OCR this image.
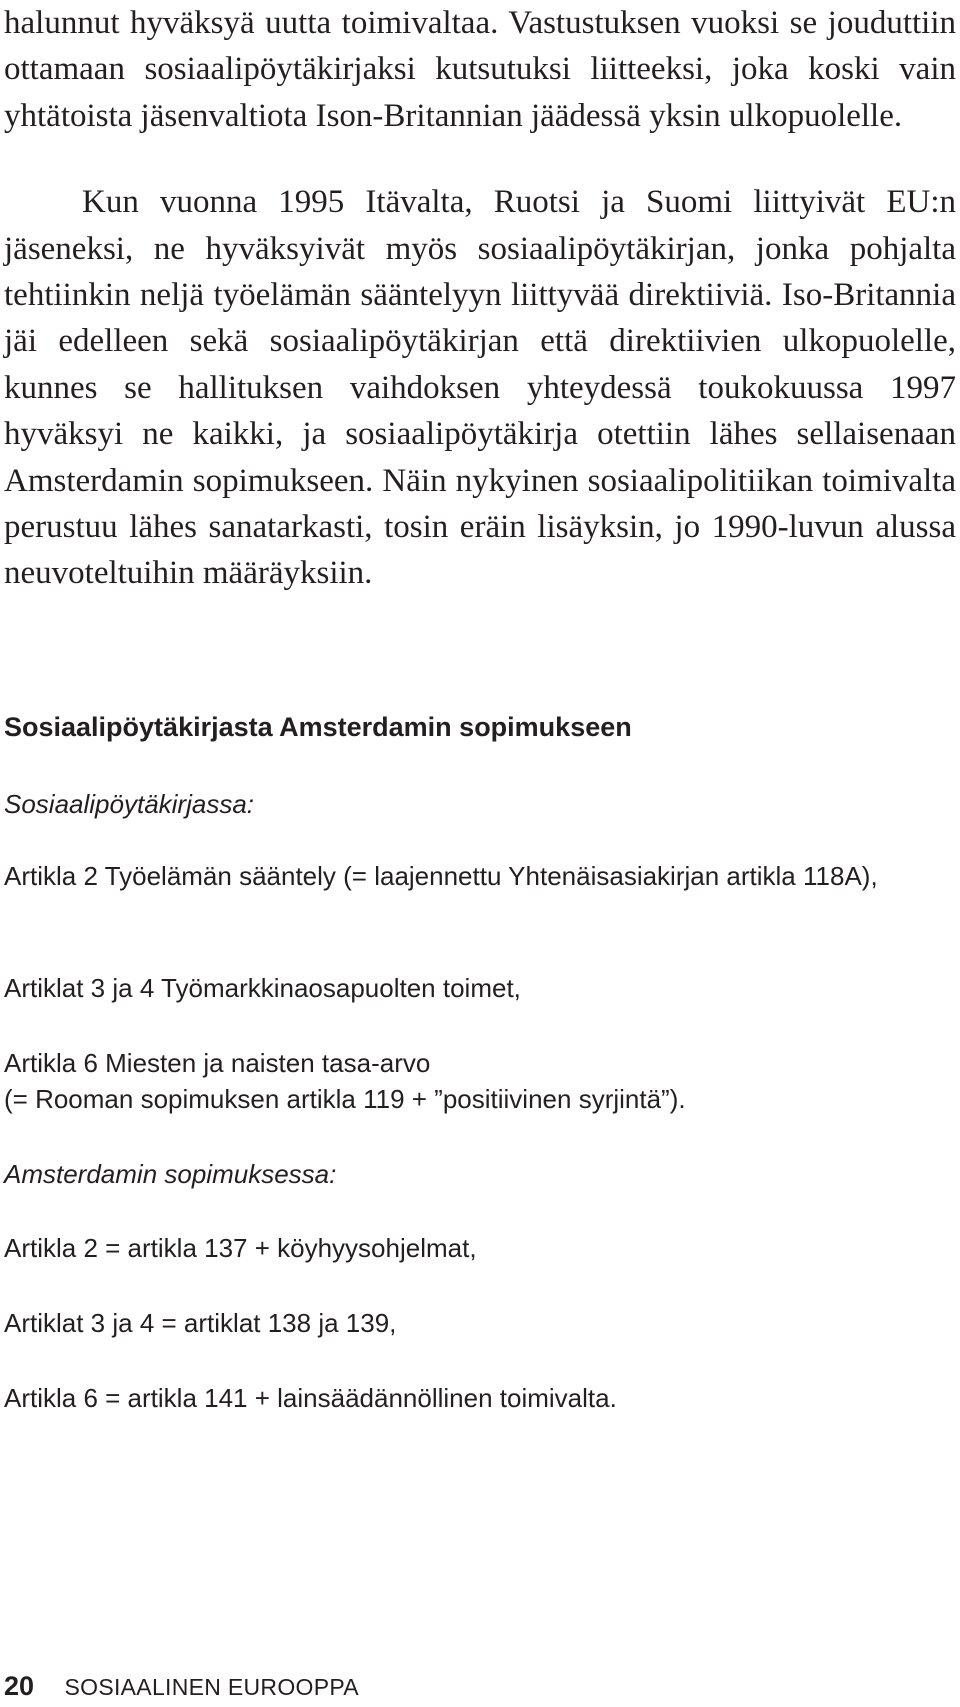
halunnut hyväksyä uutta toimivaltaa. Vastustuksen vuoksi se jouduttiin ottamaan sosiaalipöytäkirjaksi kutsutuksi liitteeksi, joka koski vain yhtätoista jäsenvaltiota Ison-Britannian jäädessä yksin ulkopuolelle.

Kun vuonna 1995 Itävalta, Ruotsi ja Suomi liittyivät EU:n jäseneksi, ne hyväksyivät myös sosiaalipöytäkirjan, jonka pohjalta tehtiinkin neljä työelämän sääntelyyn liittyvää direktiiviä. Iso-Britannia jäi edelleen sekä sosiaalipöytäkirjan että direktiivien ulkopuolelle, kunnes se hallituksen vaihdoksen yhteydessä toukokuussa 1997 hyväksyi ne kaikki, ja sosiaalipöytäkirja otettiin lähes sellaisenaan Amsterdamin sopimukseen. Näin nykyinen sosiaalipolitiikan toimivalta perustuu lähes sanatarkasti, tosin eräin lisäyksin, jo 1990-luvun alussa neuvoteltuihin määräyksiin.

Sosiaalipöytäkirjasta Amsterdamin sopimukseen

Sosiaalipöytäkirjassa:

Artikla 2 Työelämän sääntely (= laajennettu Yhtenäisasiakirjan artikla 118A),

Artiklat 3 ja 4 Työmarkkinaosapuolten toimet,

Artikla 6 Miesten ja naisten tasa-arvo

(= Rooman sopimuksen artikla 119 + ”positiivinen syrjintä”).

Amsterdamin sopimuksessa:

Artikla 2 = artikla 137 + köyhyysohjelmat,

Artiklat 3 ja 4 = artiklat 138 ja 139,

Artikla 6 = artikla 141 + lainsäädännöllinen toimivalta.

20 SOSIAALINEN EUROOPPA
